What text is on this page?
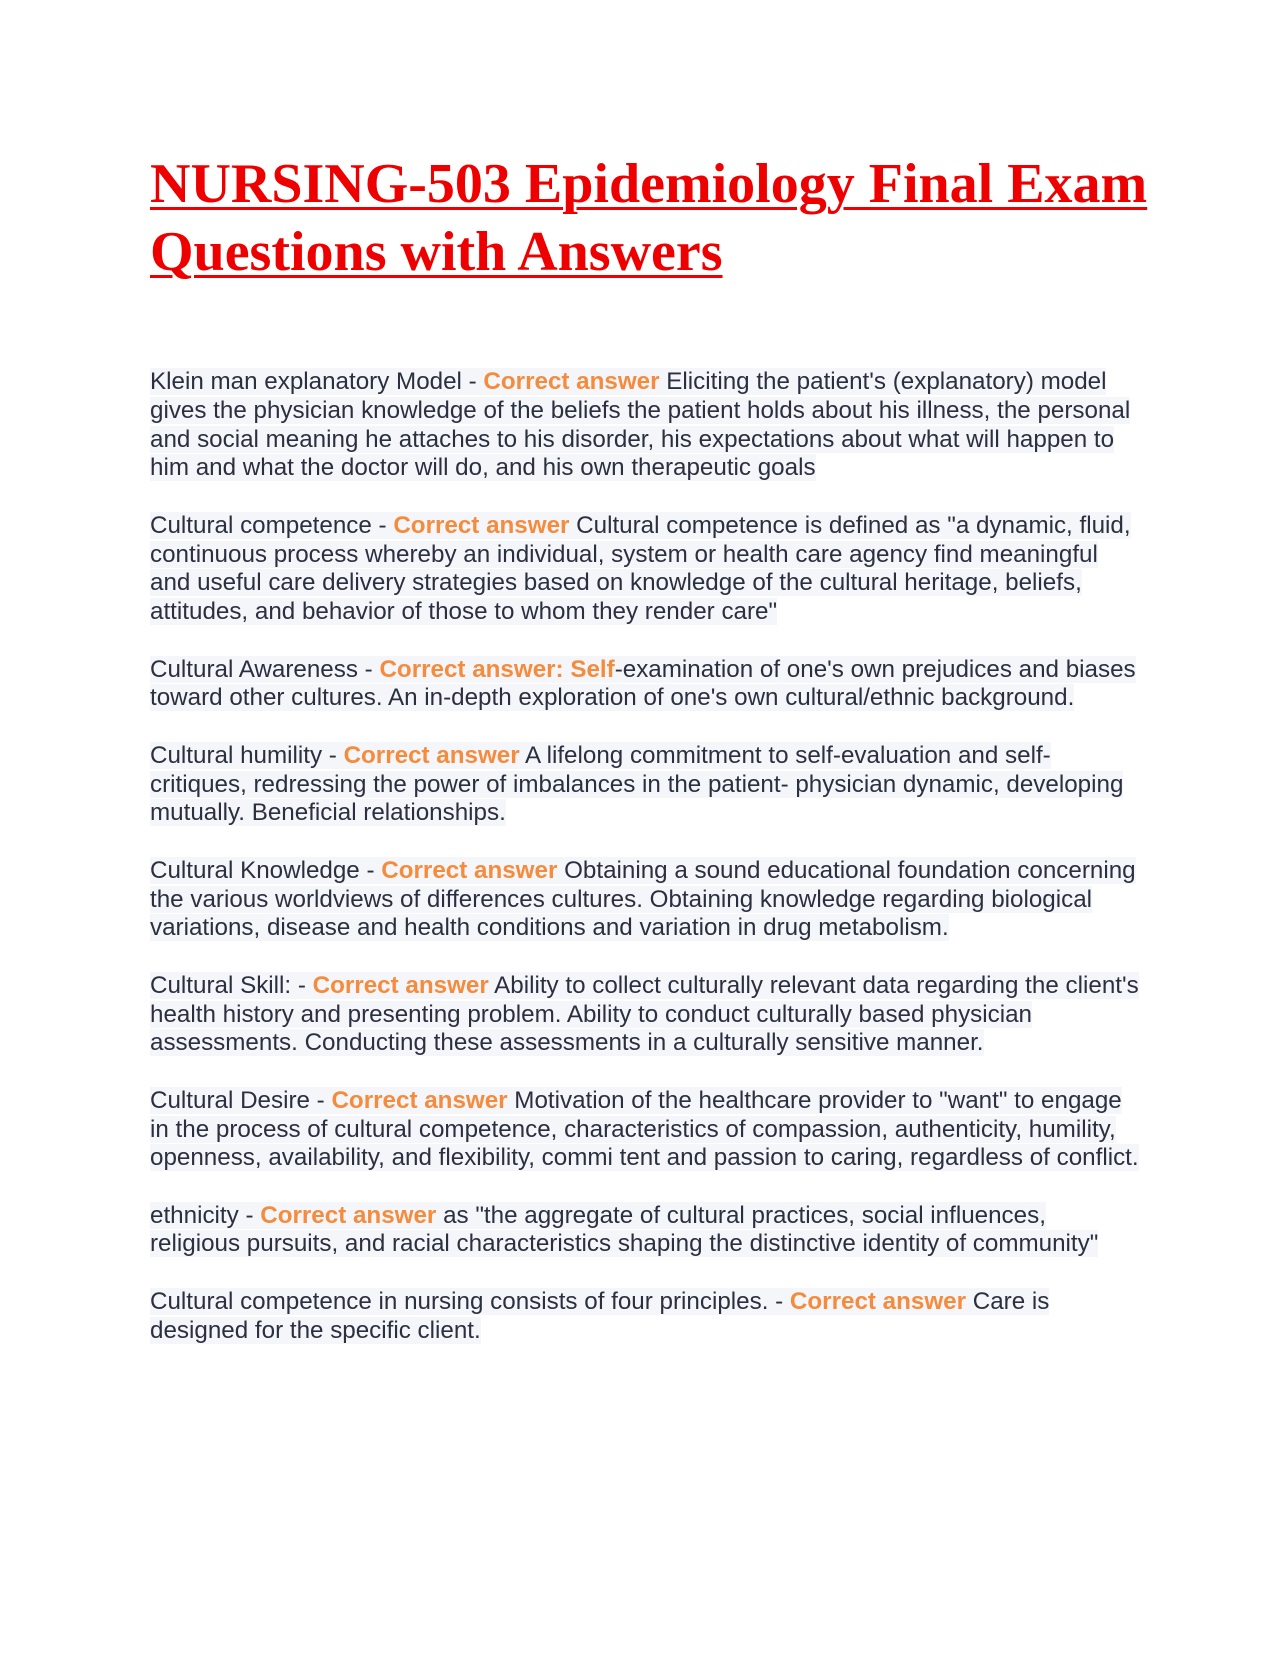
NURSING-503 Epidemiology Final Exam Questions with Answers

Klein man explanatory Model - Correct answer Eliciting the patient's (explanatory) model gives the physician knowledge of the beliefs the patient holds about his illness, the personal and social meaning he attaches to his disorder, his expectations about what will happen to him and what the doctor will do, and his own therapeutic goals

Cultural competence - Correct answer Cultural competence is defined as "a dynamic, fluid, continuous process whereby an individual, system or health care agency find meaningful and useful care delivery strategies based on knowledge of the cultural heritage, beliefs, attitudes, and behavior of those to whom they render care"

Cultural Awareness - Correct answer: Self-examination of one's own prejudices and biases toward other cultures. An in-depth exploration of one's own cultural/ethnic background.

Cultural humility - Correct answer A lifelong commitment to self-evaluation and self-critiques, redressing the power of imbalances in the patient- physician dynamic, developing mutually. Beneficial relationships.

Cultural Knowledge - Correct answer Obtaining a sound educational foundation concerning the various worldviews of differences cultures. Obtaining knowledge regarding biological variations, disease and health conditions and variation in drug metabolism.

Cultural Skill: - Correct answer Ability to collect culturally relevant data regarding the client's health history and presenting problem. Ability to conduct culturally based physician assessments. Conducting these assessments in a culturally sensitive manner.

Cultural Desire - Correct answer Motivation of the healthcare provider to "want" to engage in the process of cultural competence, characteristics of compassion, authenticity, humility, openness, availability, and flexibility, commi tent and passion to caring, regardless of conflict.

ethnicity - Correct answer as "the aggregate of cultural practices, social influences, religious pursuits, and racial characteristics shaping the distinctive identity of community"

Cultural competence in nursing consists of four principles. - Correct answer Care is designed for the specific client.
